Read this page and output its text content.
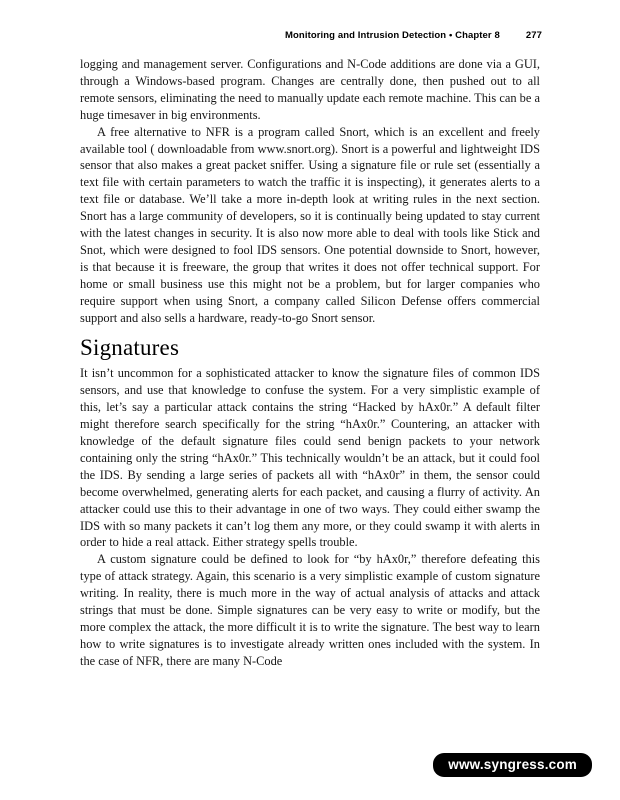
Monitoring and Intrusion Detection • Chapter 8	277

logging and management server. Configurations and N-Code additions are done via a GUI, through a Windows-based program. Changes are centrally done, then pushed out to all remote sensors, eliminating the need to manually update each remote machine. This can be a huge timesaver in big environments.

A free alternative to NFR is a program called Snort, which is an excellent and freely available tool ( downloadable from www.snort.org). Snort is a powerful and lightweight IDS sensor that also makes a great packet sniffer. Using a signature file or rule set (essentially a text file with certain parameters to watch the traffic it is inspecting), it generates alerts to a text file or database. We’ll take a more in-depth look at writing rules in the next section. Snort has a large community of developers, so it is continually being updated to stay current with the latest changes in security. It is also now more able to deal with tools like Stick and Snot, which were designed to fool IDS sensors. One potential downside to Snort, however, is that because it is freeware, the group that writes it does not offer technical support. For home or small business use this might not be a problem, but for larger companies who require support when using Snort, a company called Silicon Defense offers commercial support and also sells a hardware, ready-to-go Snort sensor.

Signatures

It isn’t uncommon for a sophisticated attacker to know the signature files of common IDS sensors, and use that knowledge to confuse the system. For a very simplistic example of this, let’s say a particular attack contains the string “Hacked by hAx0r.” A default filter might therefore search specifically for the string “hAx0r.” Countering, an attacker with knowledge of the default signature files could send benign packets to your network containing only the string “hAx0r.” This technically wouldn’t be an attack, but it could fool the IDS. By sending a large series of packets all with “hAx0r” in them, the sensor could become overwhelmed, generating alerts for each packet, and causing a flurry of activity. An attacker could use this to their advantage in one of two ways. They could either swamp the IDS with so many packets it can’t log them any more, or they could swamp it with alerts in order to hide a real attack. Either strategy spells trouble.

A custom signature could be defined to look for “by hAx0r,” therefore defeating this type of attack strategy. Again, this scenario is a very simplistic example of custom signature writing. In reality, there is much more in the way of actual analysis of attacks and attack strings that must be done. Simple signatures can be very easy to write or modify, but the more complex the attack, the more difficult it is to write the signature. The best way to learn how to write signatures is to investigate already written ones included with the system. In the case of NFR, there are many N-Code

www.syngress.com
